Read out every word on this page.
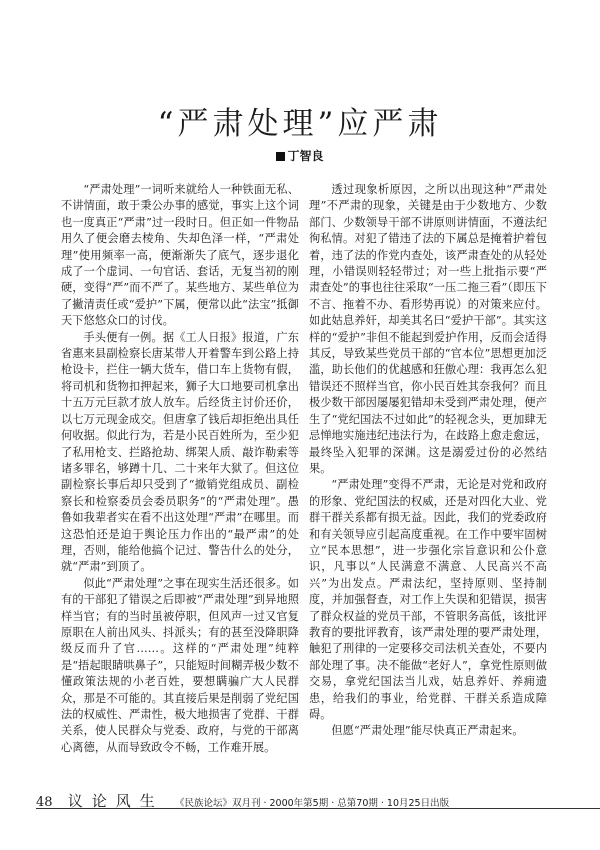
“严肃处理”应严肃
丁智良

“严肃处理”一词听来就给人一种铁面无私、不讲情面，敢于秉公办事的感觉，事实上这个词也一度真正“严肃”过一段时日。但正如一件物品用久了便会磨去棱角、失却色泽一样，“严肃处理”使用频率一高，便渐渐失了底气，逐步退化成了一个虚词、一句官话、套话，无复当初的刚硬，变得“严”而不严了。某些地方、某些单位为了撇清责任或“爱护”下属，便常以此“法宝”抵御天下悠悠众口的讨伐。

手头便有一例。据《工人日报》报道，广东省惠来县副检察长唐某带人开着警车到公路上持枪设卡，拦住一辆大货车，借口车上货物有假，将司机和货物扣押起来，狮子大口地要司机拿出十五万元巨款才放人放车。后经货主讨价还价，以七万元现金成交。但唐拿了钱后却拒绝出具任何收据。似此行为，若是小民百姓所为，至少犯了私用枪支、拦路抢劫、绑架人质、敲诈勒索等诸多罪名，够蹲十几、二十来年大狱了。但这位副检察长事后却只受到了“撤销党组成员、副检察长和检察委员会委员职务”的“严肃处理”。愚鲁如我辈者实在看不出这处理“严肃”在哪里。而这恐怕还是迫于舆论压力作出的“最严肃”的处理，否则，能给他搞个记过、警告什么的处分，就“严肃”到顶了。

似此“严肃处理”之事在现实生活还很多。如有的干部犯了错误之后即被“严肃处理”到异地照样当官；有的当时虽被停职，但风声一过又官复原职在人前出风头、抖派头；有的甚至没降职降级反而升了官……。这样的“严肃处理”纯粹是“捂起眼睛哄鼻子”，只能短时间糊弄极少数不懂政策法规的小老百姓，要想瞒骗广大人民群众，那是不可能的。其直接后果是削弱了党纪国法的权威性、严肃性，极大地损害了党群、干群关系，使人民群众与党委、政府，与党的干部离心离德，从而导致政令不畅，工作难开展。

透过现象析原因，之所以出现这种“严肃处理”不严肃的现象，关键是由于少数地方、少数部门、少数领导干部不讲原则讲情面，不遵法纪徇私情。对犯了错违了法的下属总是掩着护着包着，违了法的作党内查处，该严肃查处的从轻处理，小错误则轻轻带过；对一些上批指示要“严肃查处”的事也往往采取“一压二拖三看”（即压下不言、拖着不办、看形势再说）的对策来应付。如此姑息养奸，却美其名曰“爱护干部”。其实这样的“爱护”非但不能起到爱护作用，反而会适得其反，导致某些党员干部的“官本位”思想更加泛滥，助长他们的优越感和狂傲心理：我再怎么犯错误还不照样当官，你小民百姓其奈我何？而且极少数干部因屡屡犯错却未受到严肃处理，便产生了“党纪国法不过如此”的轻视念头，更加肆无忌惮地实施违纪违法行为，在歧路上愈走愈远，最终坠入犯罪的深渊。这是溺爱过份的必然结果。

“严肃处理”变得不严肃，无论是对党和政府的形象、党纪国法的权威，还是对四化大业、党群干群关系都有损无益。因此，我们的党委政府和有关领导应引起高度重视。在工作中要牢固树立“民本思想”，进一步强化宗旨意识和公仆意识，凡事以“人民满意不满意、人民高兴不高兴”为出发点。严肃法纪，坚持原则、坚持制度，并加强督查，对工作上失误和犯错误，损害了群众权益的党员干部，不管职务高低，该批评教育的要批评教育，该严肃处理的要严肃处理，触犯了刑律的一定要移交司法机关查处，不要内部处理了事。决不能做“老好人”，拿党性原则做交易，拿党纪国法当儿戏，姑息养奸、养痈遗患，给我们的事业，给党群、干群关系造成障碍。

但愿“严肃处理”能尽快真正严肃起来。

48 议论风生 《民族论坛》双月刊 · 2000年第5期 · 总第70期 · 10月25日出版
